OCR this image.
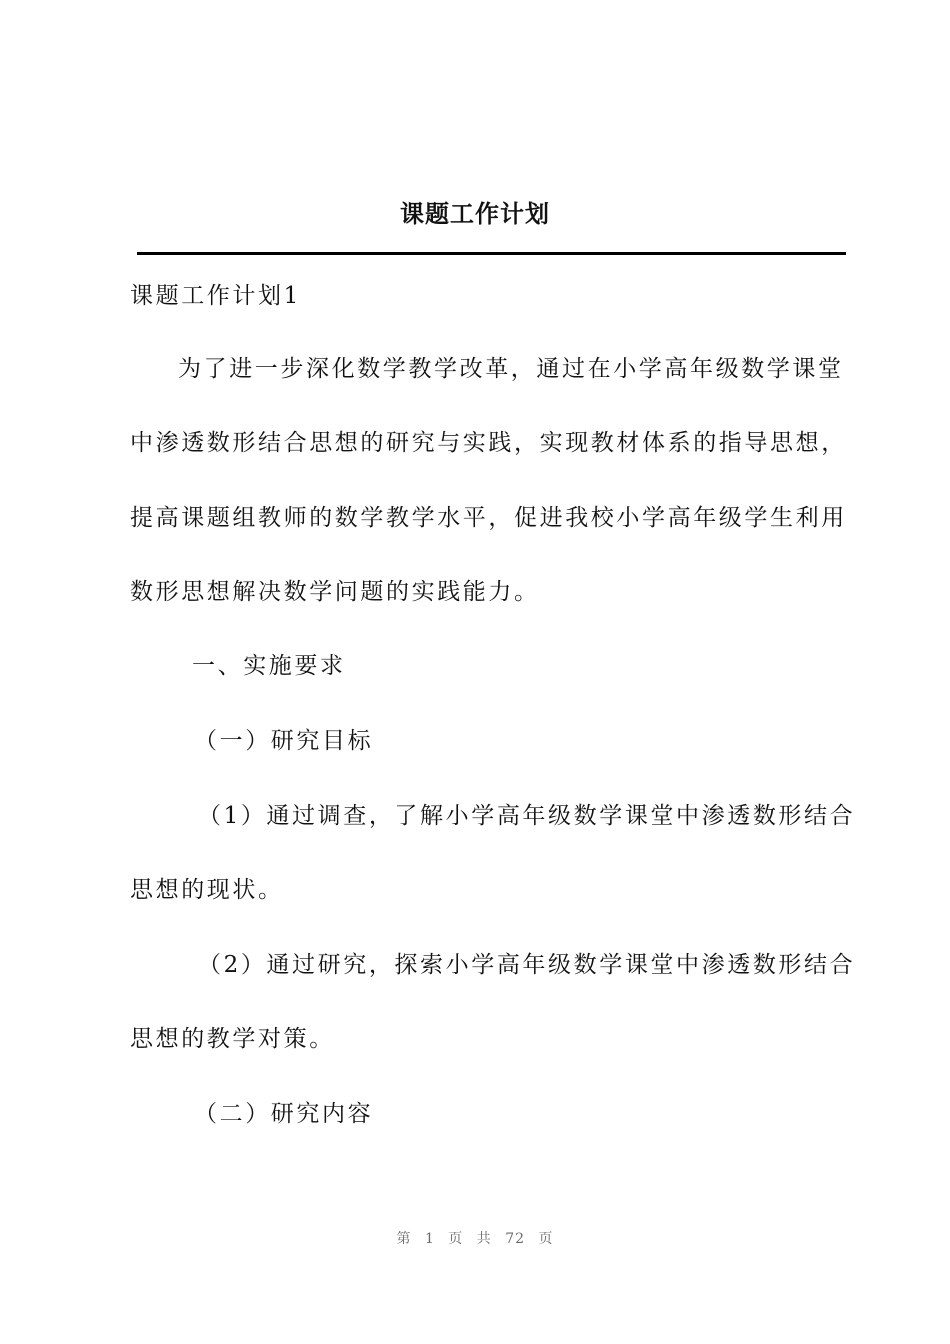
课题工作计划
课题工作计划1
为了进一步深化数学教学改革，通过在小学高年级数学课堂
中渗透数形结合思想的研究与实践，实现教材体系的指导思想，
提高课题组教师的数学教学水平，促进我校小学高年级学生利用
数形思想解决数学问题的实践能力。
一、实施要求
（一）研究目标
（1）通过调查，了解小学高年级数学课堂中渗透数形结合
思想的现状。
（2）通过研究，探索小学高年级数学课堂中渗透数形结合
思想的教学对策。
（二）研究内容
第 1 页 共 72 页
